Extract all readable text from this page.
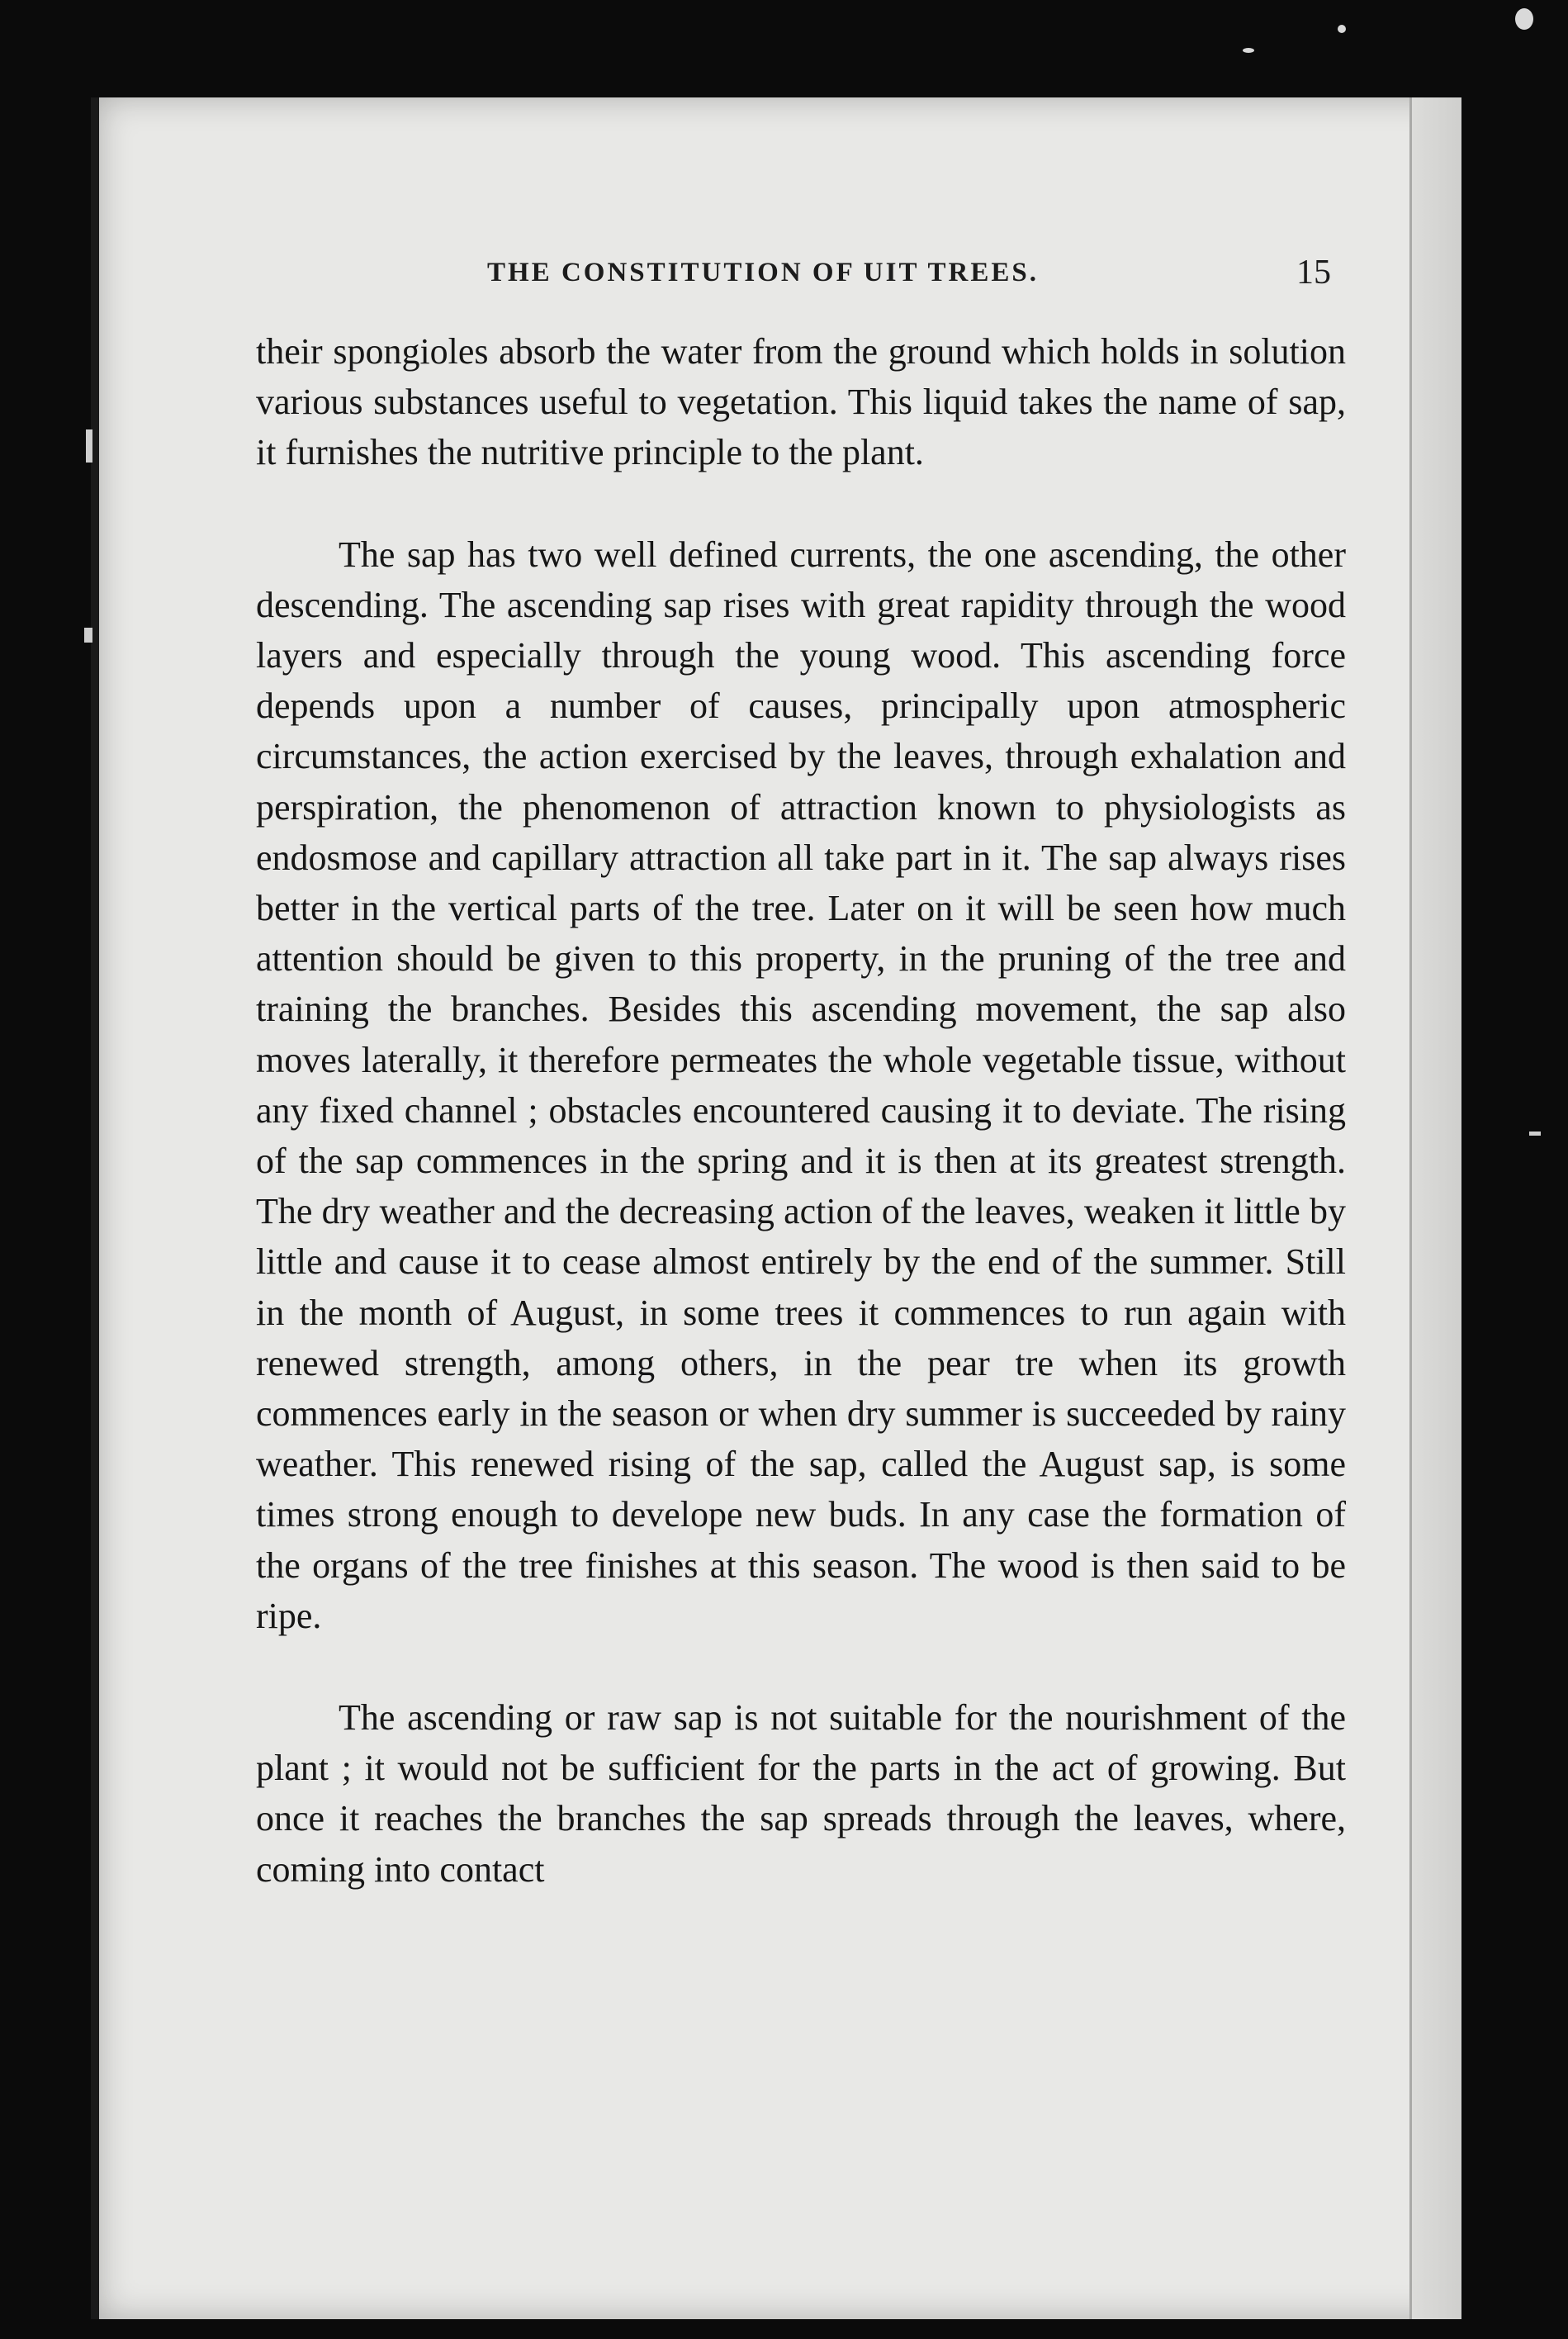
THE CONSTITUTION OF UIT TREES.	15

their spongioles absorb the water from the ground which holds in solution various substances useful to vegetation. This liquid takes the name of sap, it furnishes the nutritive principle to the plant.

The sap has two well defined currents, the one ascending, the other descending. The ascending sap rises with great rapidity through the wood layers and especially through the young wood. This ascending force depends upon a number of causes, principally upon atmospheric circumstances, the action exercised by the leaves, through exhalation and perspiration, the phenomenon of attraction known to physiologists as endosmose and capillary attraction all take part in it. The sap always rises better in the vertical parts of the tree. Later on it will be seen how much attention should be given to this property, in the pruning of the tree and training the branches. Besides this ascending movement, the sap also moves laterally, it therefore permeates the whole vegetable tissue, without any fixed channel ; obstacles encountered causing it to deviate. The rising of the sap commences in the spring and it is then at its greatest strength. The dry weather and the decreasing action of the leaves, weaken it little by little and cause it to cease almost entirely by the end of the summer. Still in the month of August, in some trees it commences to run again with renewed strength, among others, in the pear tre when its growth commences early in the season or when dry summer is succeeded by rainy weather. This renewed rising of the sap, called the August sap, is some times strong enough to develope new buds. In any case the formation of the organs of the tree finishes at this season. The wood is then said to be ripe.

The ascending or raw sap is not suitable for the nourishment of the plant ; it would not be sufficient for the parts in the act of growing. But once it reaches the branches the sap spreads through the leaves, where, coming into contact
